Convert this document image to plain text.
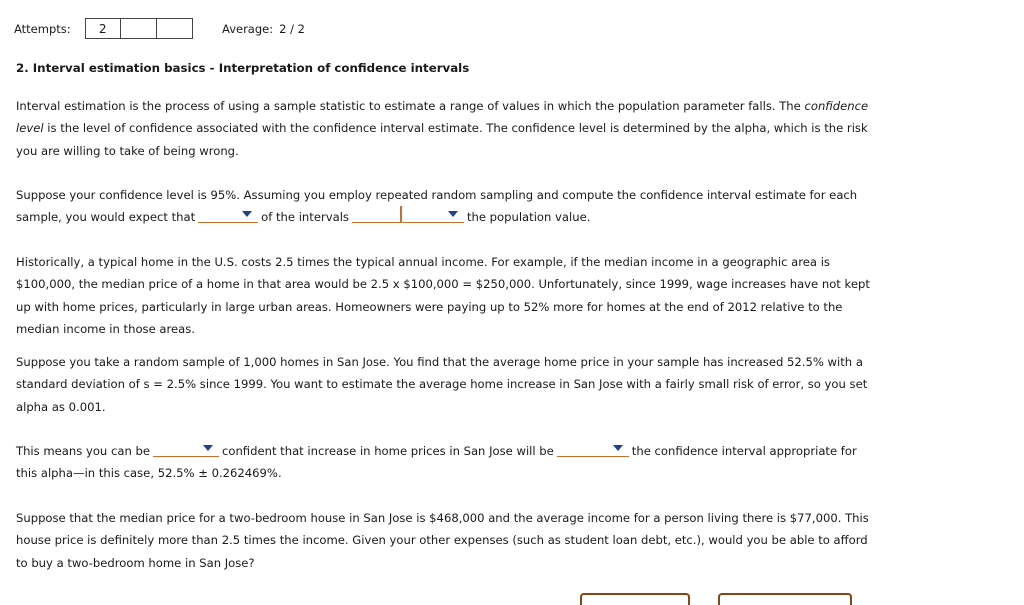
Attempts:	2	Average: 2 / 2
2. Interval estimation basics - Interpretation of confidence intervals

Interval estimation is the process of using a sample statistic to estimate a range of values in which the population parameter falls. The confidence level is the level of confidence associated with the confidence interval estimate. The confidence level is determined by the alpha, which is the risk you are willing to take of being wrong.

Suppose your confidence level is 95%. Assuming you employ repeated random sampling and compute the confidence interval estimate for each sample, you would expect that	of the intervals	the population value.

Historically, a typical home in the U.S. costs 2.5 times the typical annual income. For example, if the median income in a geographic area is $100,000, the median price of a home in that area would be 2.5 x $100,000 = $250,000. Unfortunately, since 1999, wage increases have not kept up with home prices, particularly in large urban areas. Homeowners were paying up to 52% more for homes at the end of 2012 relative to the median income in those areas.

Suppose you take a random sample of 1,000 homes in San Jose. You find that the average home price in your sample has increased 52.5% with a standard deviation of s = 2.5% since 1999. You want to estimate the average home increase in San Jose with a fairly small risk of error, so you set alpha as 0.001.

This means you can be	confident that increase in home prices in San Jose will be	the confidence interval appropriate for this alpha—in this case, 52.5% ± 0.262469%.

Suppose that the median price for a two-bedroom house in San Jose is $468,000 and the average income for a person living there is $77,000. This house price is definitely more than 2.5 times the income. Given your other expenses (such as student loan debt, etc.), would you be able to afford to buy a two-bedroom home in San Jose?
